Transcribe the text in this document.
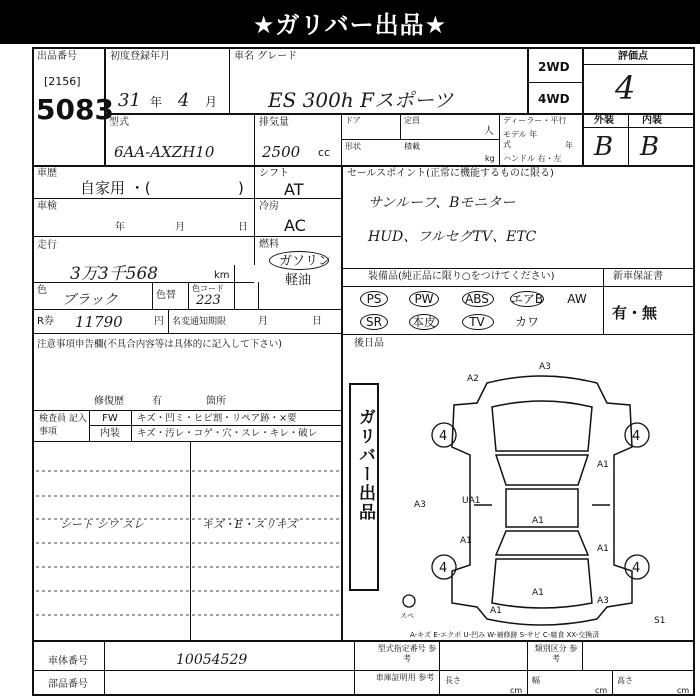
★ガリバー出品★
出品番号
[2156]
5083
初度登録年月
31 年 4 月
車名 グレード
ES 300h Fスポーツ
2WD
4WD
評価点
4
型式
6AA-AXZH10
排気量
2500 cc
ドア	定員
人
形状	積載
kg
ディーラー・平行
モデル 年式	年
ハンドル 右・左
外装
B
内装
B
車歴
自家用 ・(	)
車検
年	月	日
走行
3万3千568	km
色
ブラック	色替
色コード
223
R券 11790	円 名変通知期限	月	日
シフト
AT
冷房
AC
燃料
ガソリン
軽油
セールスポイント(正常に機能するものに限る)
サンルーフ、Bモニター
HUD、フルセグTV、ETC
装備品(純正品に限り○をつけてください)
PS	PW	ABS	エアB	AW
SR	本皮	TV	カワ
新車保証書
有・無
注意事項申告欄(不具合内容等は具体的に記入して下さい)
修復歴	有	箇所
後日品
検査員 記入事項
FW	キズ・凹ミ・ヒビ割・リペア跡・×要
内装	キズ・汚レ・コゲ・穴・スレ・キレ・破レ
シート シワ スレ	キズ・E・スリキズ
ガリバー出品
A3
A2
4	4
A3	UA1
A1
A1
A1
A1
4	4
A1
A1
A3
スペ	S1
A-キズ E-エクボ U-凹み W-補修跡 S-サビ C-腐食 XX-交換済
車体番号	10054529
部品番号
型式指定番号 参考
類別区分 参考
車庫証明用 参考 長さ
cm
幅
cm
高さ
cm
